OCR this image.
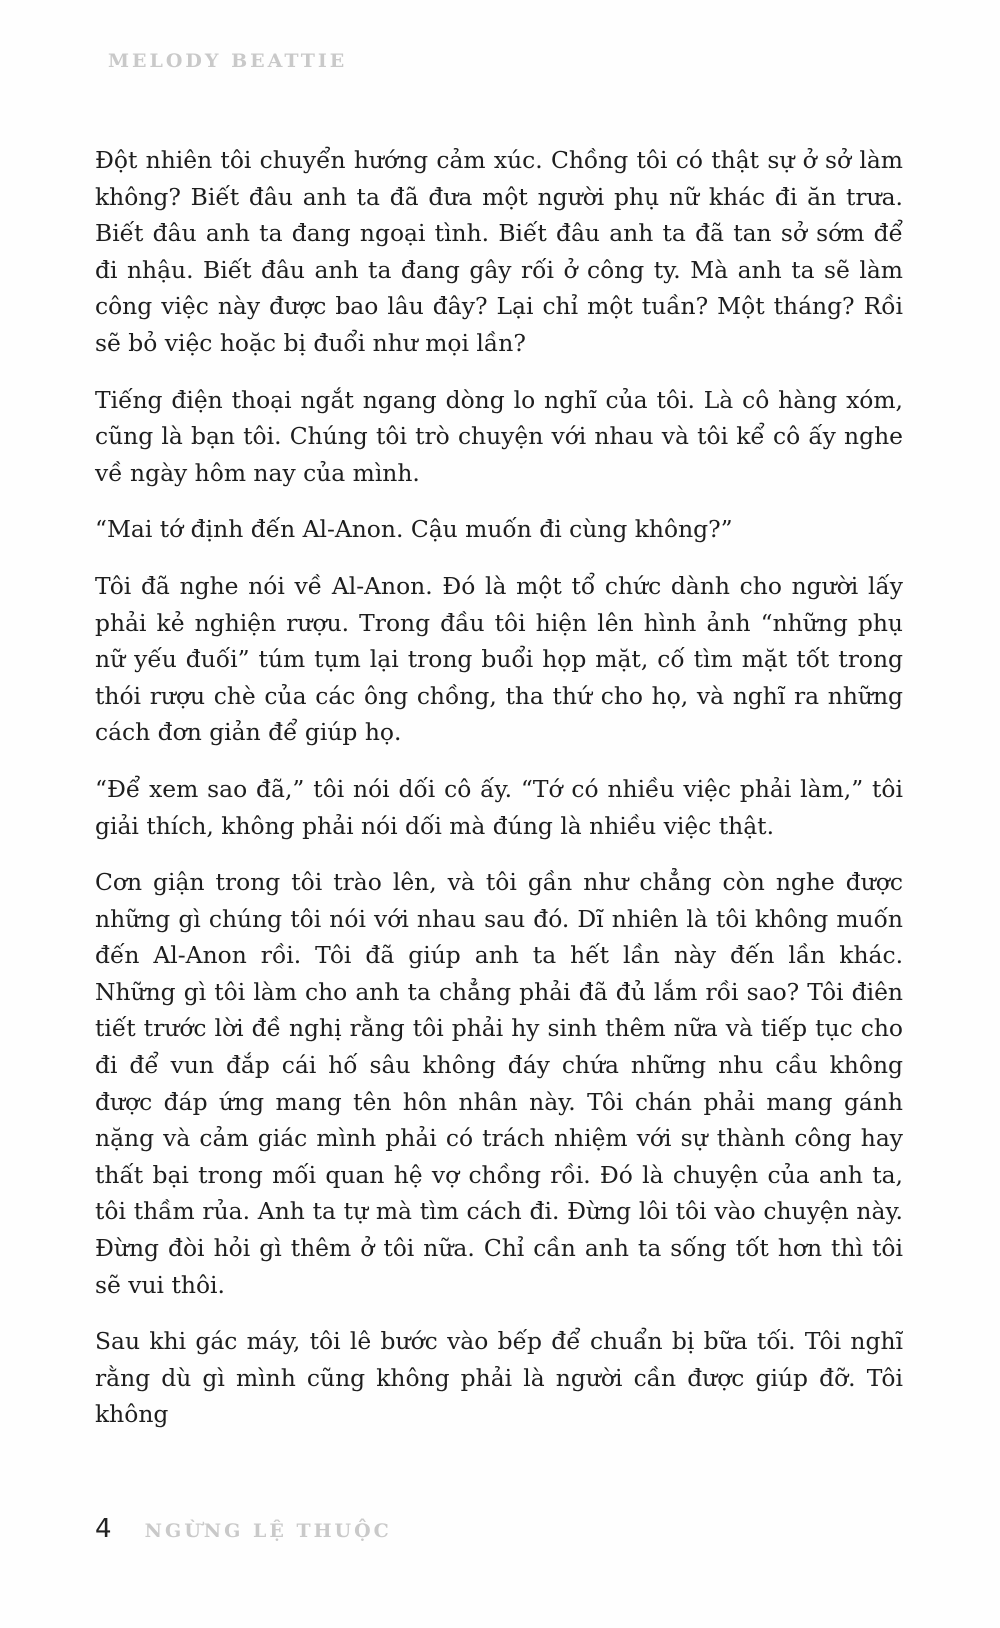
MELODY BEATTIE

Đột nhiên tôi chuyển hướng cảm xúc. Chồng tôi có thật sự ở sở làm không? Biết đâu anh ta đã đưa một người phụ nữ khác đi ăn trưa. Biết đâu anh ta đang ngoại tình. Biết đâu anh ta đã tan sở sớm để đi nhậu. Biết đâu anh ta đang gây rối ở công ty. Mà anh ta sẽ làm công việc này được bao lâu đây? Lại chỉ một tuần? Một tháng? Rồi sẽ bỏ việc hoặc bị đuổi như mọi lần?

Tiếng điện thoại ngắt ngang dòng lo nghĩ của tôi. Là cô hàng xóm, cũng là bạn tôi. Chúng tôi trò chuyện với nhau và tôi kể cô ấy nghe về ngày hôm nay của mình.

“Mai tớ định đến Al-Anon. Cậu muốn đi cùng không?”

Tôi đã nghe nói về Al-Anon. Đó là một tổ chức dành cho người lấy phải kẻ nghiện rượu. Trong đầu tôi hiện lên hình ảnh “những phụ nữ yếu đuối” túm tụm lại trong buổi họp mặt, cố tìm mặt tốt trong thói rượu chè của các ông chồng, tha thứ cho họ, và nghĩ ra những cách đơn giản để giúp họ.

“Để xem sao đã,” tôi nói dối cô ấy. “Tớ có nhiều việc phải làm,” tôi giải thích, không phải nói dối mà đúng là nhiều việc thật.

Cơn giận trong tôi trào lên, và tôi gần như chẳng còn nghe được những gì chúng tôi nói với nhau sau đó. Dĩ nhiên là tôi không muốn đến Al-Anon rồi. Tôi đã giúp anh ta hết lần này đến lần khác. Những gì tôi làm cho anh ta chẳng phải đã đủ lắm rồi sao? Tôi điên tiết trước lời đề nghị rằng tôi phải hy sinh thêm nữa và tiếp tục cho đi để vun đắp cái hố sâu không đáy chứa những nhu cầu không được đáp ứng mang tên hôn nhân này. Tôi chán phải mang gánh nặng và cảm giác mình phải có trách nhiệm với sự thành công hay thất bại trong mối quan hệ vợ chồng rồi. Đó là chuyện của anh ta, tôi thầm rủa. Anh ta tự mà tìm cách đi. Đừng lôi tôi vào chuyện này. Đừng đòi hỏi gì thêm ở tôi nữa. Chỉ cần anh ta sống tốt hơn thì tôi sẽ vui thôi.

Sau khi gác máy, tôi lê bước vào bếp để chuẩn bị bữa tối. Tôi nghĩ rằng dù gì mình cũng không phải là người cần được giúp đỡ. Tôi không

4 NGỪNG LỆ THUỘC
